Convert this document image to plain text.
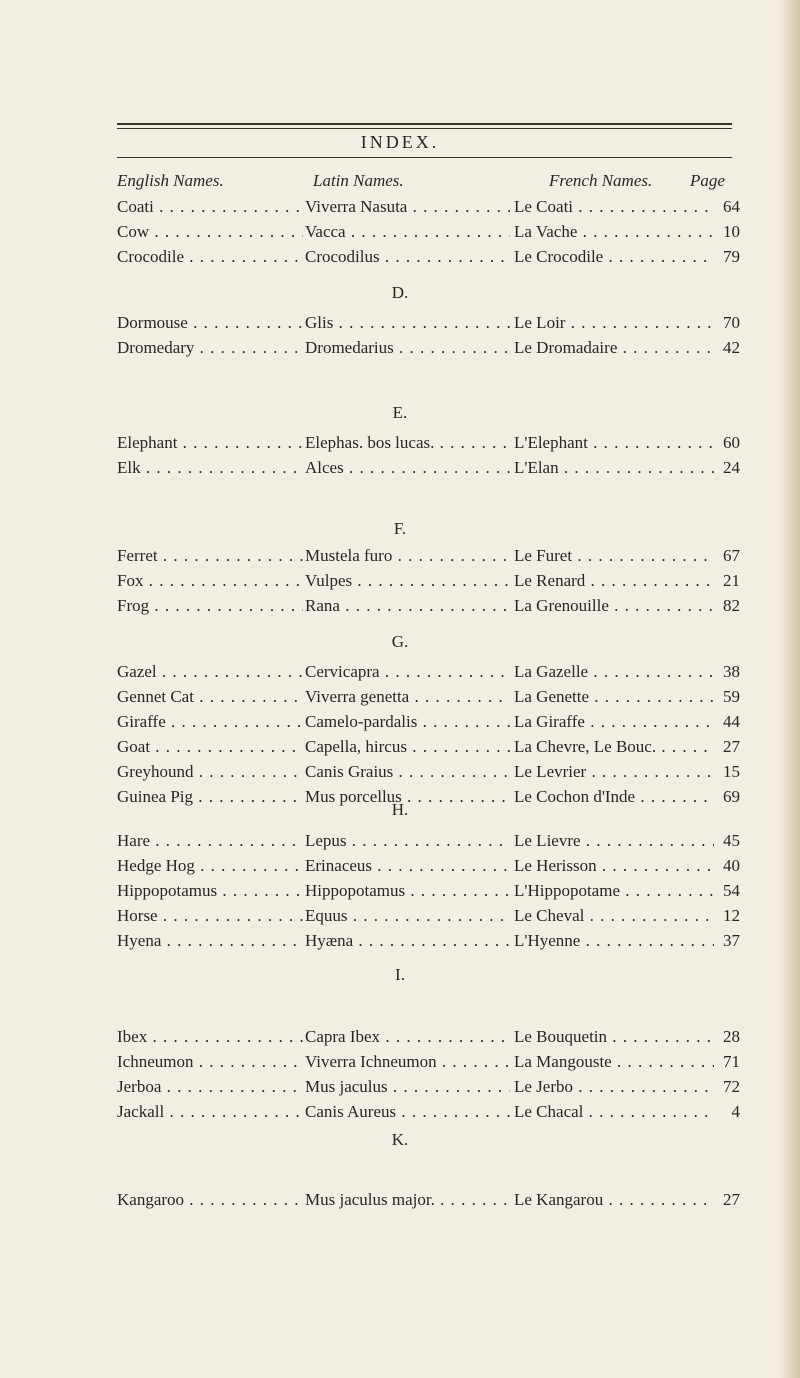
INDEX.
English Names.	Latin Names.	French Names. Page
Coati . . .	Viverra Nasuta . . .	Le Coati . . .	64
Cow . . .	Vacca . . .	La Vache . . .	10
Crocodile . . .	Crocodilus . . .	Le Crocodile . . .	79
D.
Dormouse . . .	Glis . . .	Le Loir . . .	70
Dromedary . . .	Dromedarius . . .	Le Dromadaire . . .	42
E.
Elephant . . .	Elephas. bos lucas. . . .	L'Elephant . . .	60
Elk . . .	Alces . . .	L'Elan . . .	24
F.
Ferret . . .	Mustela furo . . .	Le Furet . . .	67
Fox . . .	Vulpes . . .	Le Renard . . .	21
Frog . . .	Rana . . .	La Grenouille . . .	82
G.
Gazel . . .	Cervicapra . . .	La Gazelle . . .	38
Gennet Cat . . .	Viverra genetta . . .	La Genette . . .	59
Giraffe . . .	Camelo-pardalis . . .	La Giraffe . . .	44
Goat . . .	Capella, hircus . . .	La Chevre, Le Bouc. . . .	27
Greyhound . . .	Canis Graius . . .	Le Levrier . . .	15
Guinea Pig . . .	Mus porcellus . . .	Le Cochon d'Inde . . .	69
H.
Hare . . .	Lepus . . .	Le Lievre . . .	45
Hedge Hog . . .	Erinaceus . . .	Le Herisson . . .	40
Hippopotamus . . .	Hippopotamus . . .	L'Hippopotame . . .	54
Horse . . .	Equus . . .	Le Cheval . . .	12
Hyena . . .	Hyæna . . .	L'Hyenne . . .	37
I.
Ibex . . .	Capra Ibex . . .	Le Bouquetin . . .	28
Ichneumon . . .	Viverra Ichneumon . . .	La Mangouste . . .	71
Jerboa . . .	Mus jaculus . . .	Le Jerbo . . .	72
Jackall . . .	Canis Aureus . . .	Le Chacal . . .	4
K.
Kangaroo . . .	Mus jaculus major. . . .	Le Kangarou . . .	27
